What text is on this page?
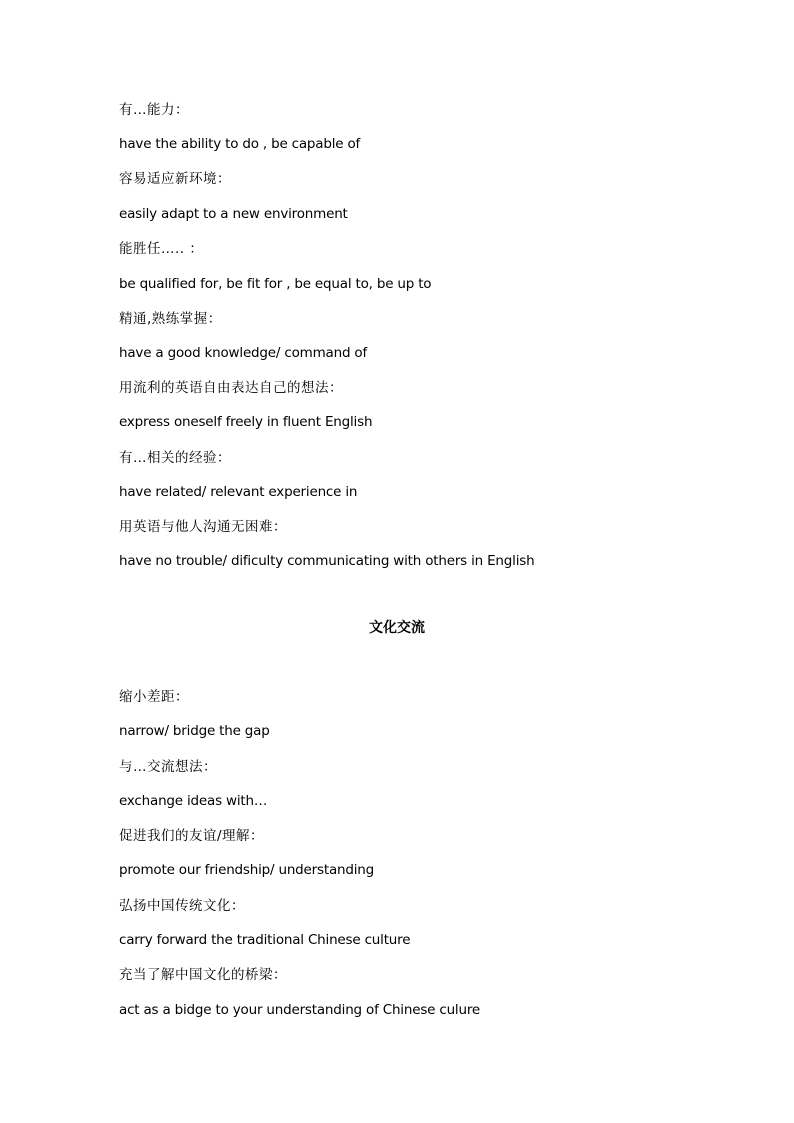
有…能力：
have the ability to do , be capable of
容易适应新环境：
easily adapt to a new environment
能胜任….. ：
be qualified for, be fit for , be equal to, be up to
精通,熟练掌握：
have a good knowledge/ command of
用流利的英语自由表达自己的想法：
express oneself freely in fluent English
有…相关的经验：
have related/ relevant experience in
用英语与他人沟通无困难：
have no trouble/ dificulty communicating with others in English
文化交流
缩小差距：
narrow/ bridge the gap
与…交流想法：
exchange ideas with…
促进我们的友谊/理解：
promote our friendship/ understanding
弘扬中国传统文化：
carry forward the traditional Chinese culture
充当了解中国文化的桥梁：
act as a bidge to your understanding of Chinese culure
